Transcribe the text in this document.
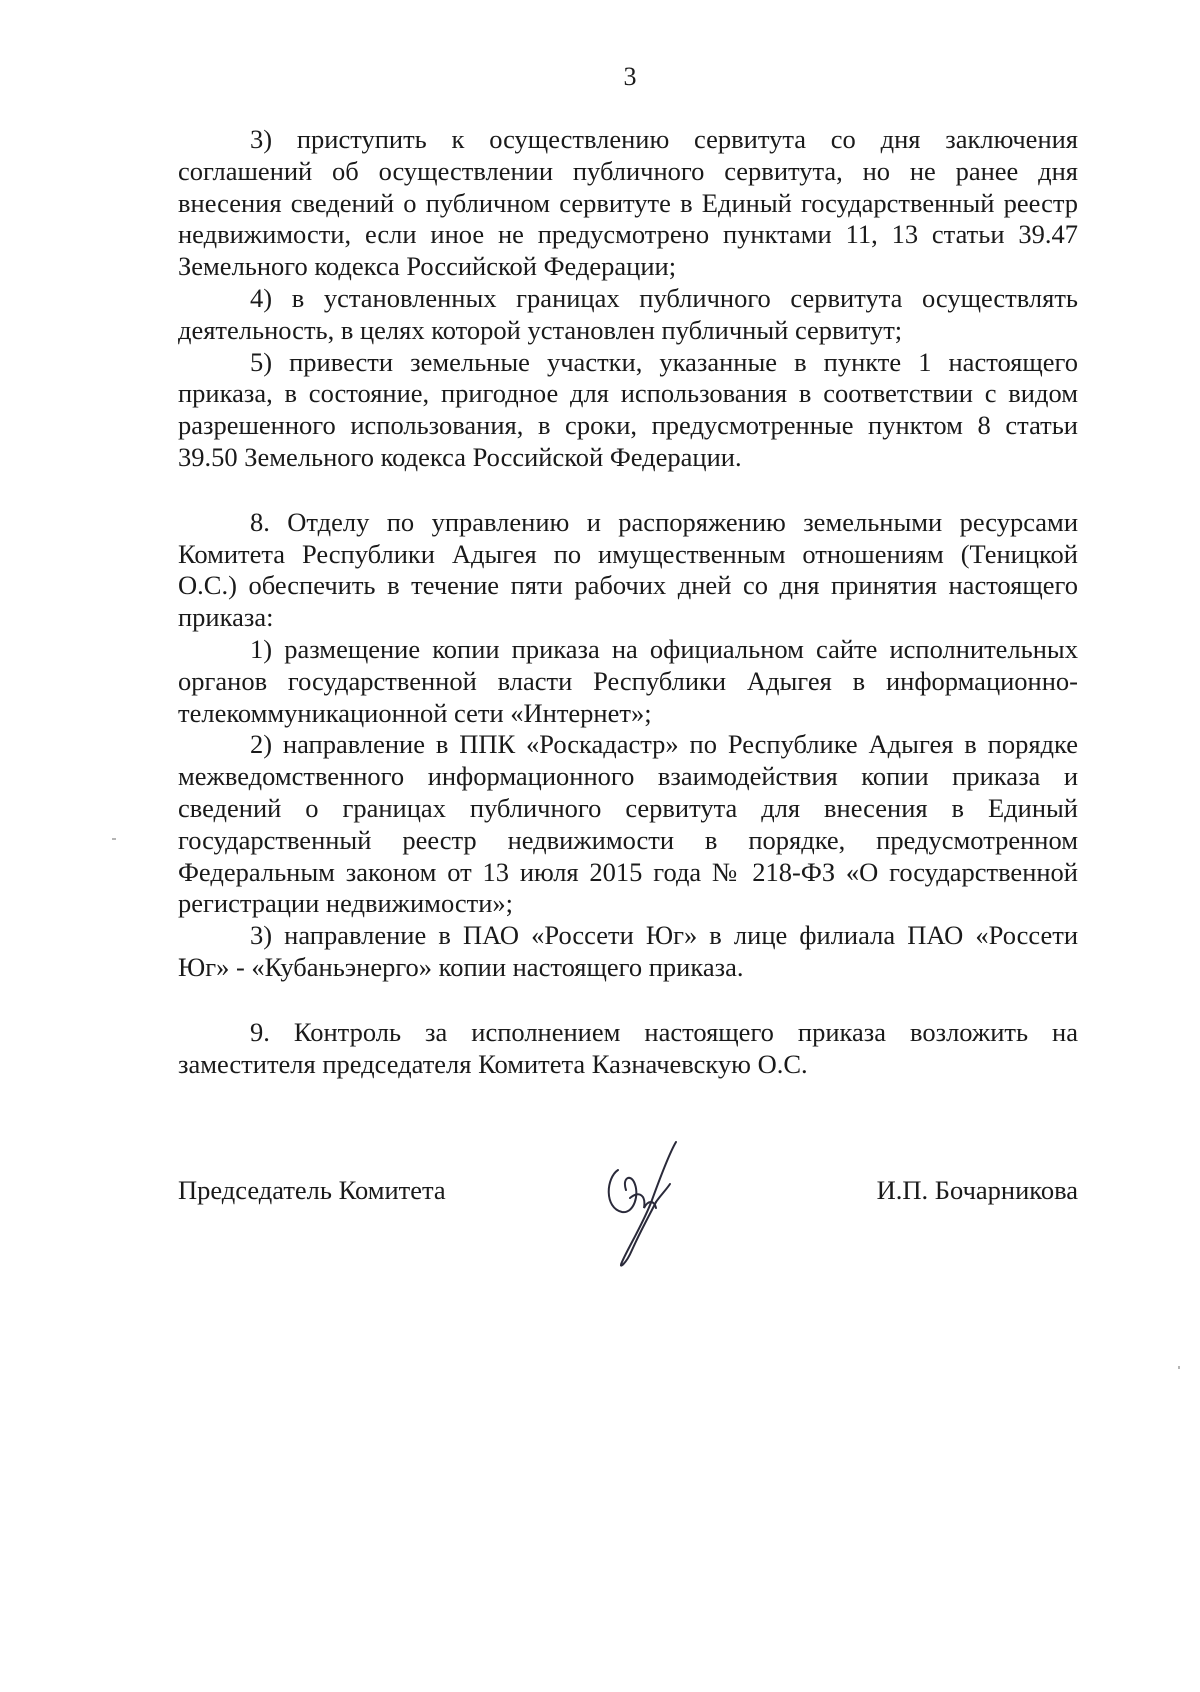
3

3) приступить к осуществлению сервитута со дня заключения соглашений об осуществлении публичного сервитута, но не ранее дня внесения сведений о публичном сервитуте в Единый государственный реестр недвижимости, если иное не предусмотрено пунктами 11, 13 статьи 39.47 Земельного кодекса Российской Федерации;

4) в установленных границах публичного сервитута осуществлять деятельность, в целях которой установлен публичный сервитут;

5) привести земельные участки, указанные в пункте 1 настоящего приказа, в состояние, пригодное для использования в соответствии с видом разрешенного использования, в сроки, предусмотренные пунктом 8 статьи 39.50 Земельного кодекса Российской Федерации.

8. Отделу по управлению и распоряжению земельными ресурсами Комитета Республики Адыгея по имущественным отношениям (Теницкой О.С.) обеспечить в течение пяти рабочих дней со дня принятия настоящего приказа:

1) размещение копии приказа на официальном сайте исполнительных органов государственной власти Республики Адыгея в информационно-телекоммуникационной сети «Интернет»;

2) направление в ППК «Роскадастр» по Республике Адыгея в порядке межведомственного информационного взаимодействия копии приказа и сведений о границах публичного сервитута для внесения в Единый государственный реестр недвижимости в порядке, предусмотренном Федеральным законом от 13 июля 2015 года № 218-ФЗ «О государственной регистрации недвижимости»;

3) направление в ПАО «Россети Юг» в лице филиала ПАО «Россети Юг» - «Кубаньэнерго» копии настоящего приказа.

9. Контроль за исполнением настоящего приказа возложить на заместителя председателя Комитета Казначевскую О.С.

Председатель Комитета	И.П. Бочарникова
